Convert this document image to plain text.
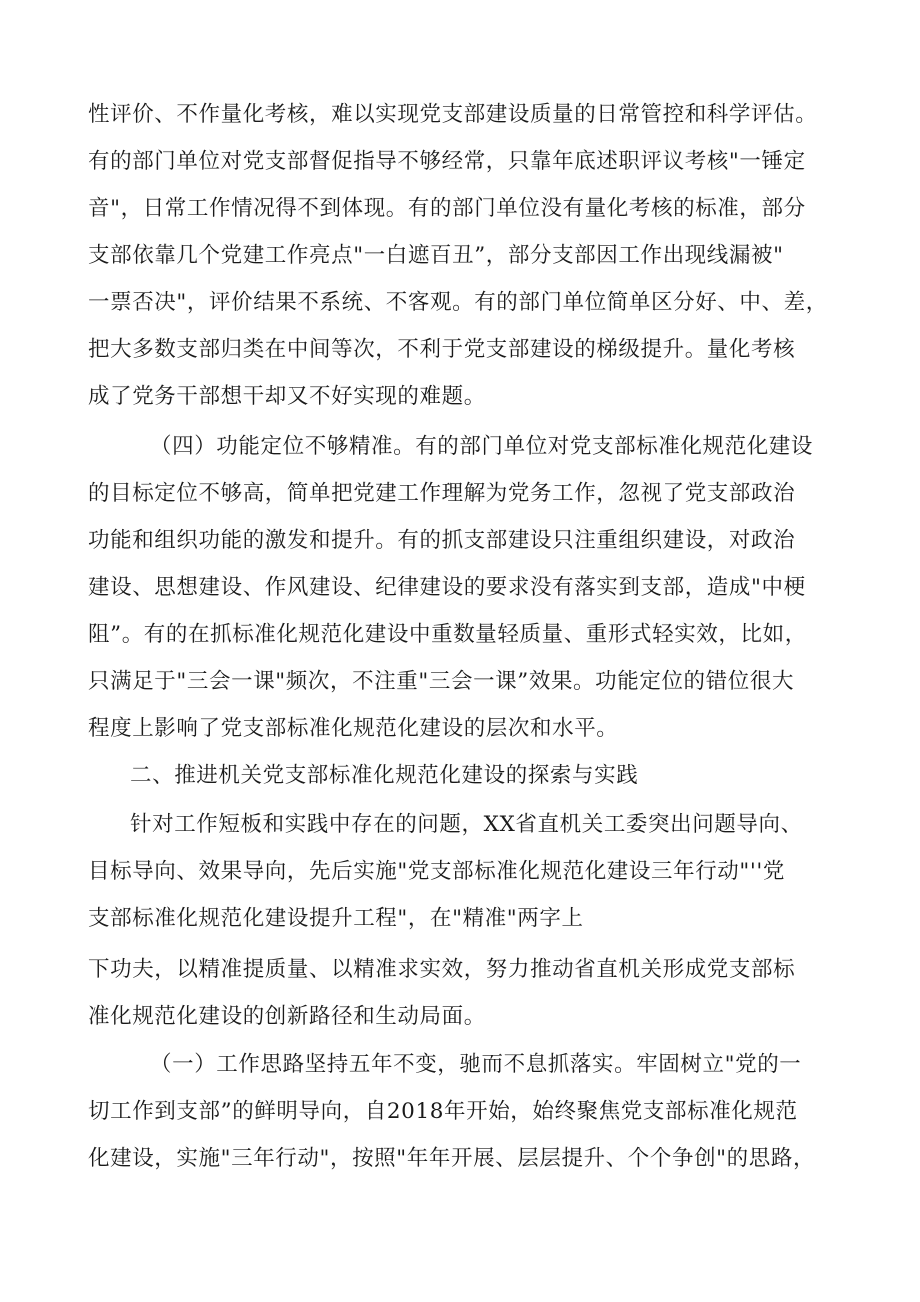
性评价、不作量化考核，难以实现党支部建设质量的日常管控和科学评估。
有的部门单位对党支部督促指导不够经常，只靠年底述职评议考核"一锤定
音"，日常工作情况得不到体现。有的部门单位没有量化考核的标准，部分
支部依靠几个党建工作亮点"一白遮百丑”，部分支部因工作出现线漏被"
一票否决"，评价结果不系统、不客观。有的部门单位简单区分好、中、差，
把大多数支部归类在中间等次，不利于党支部建设的梯级提升。量化考核
成了党务干部想干却又不好实现的难题。
（四）功能定位不够精准。有的部门单位对党支部标准化规范化建设
的目标定位不够高，简单把党建工作理解为党务工作，忽视了党支部政治
功能和组织功能的激发和提升。有的抓支部建设只注重组织建设，对政治
建设、思想建设、作风建设、纪律建设的要求没有落实到支部，造成"中梗
阻”。有的在抓标准化规范化建设中重数量轻质量、重形式轻实效，比如，
只满足于"三会一课"频次，不注重"三会一课”效果。功能定位的错位很大
程度上影响了党支部标准化规范化建设的层次和水平。
二、推进机关党支部标准化规范化建设的探索与实践
针对工作短板和实践中存在的问题，XX省直机关工委突出问题导向、
目标导向、效果导向，先后实施"党支部标准化规范化建设三年行动"''党
支部标准化规范化建设提升工程"，在"精准"两字上
下功夫，以精准提质量、以精准求实效，努力推动省直机关形成党支部标
准化规范化建设的创新路径和生动局面。
（一）工作思路坚持五年不变，驰而不息抓落实。牢固树立"党的一
切工作到支部”的鲜明导向，自2018年开始，始终聚焦党支部标准化规范
化建设，实施"三年行动"，按照"年年开展、层层提升、个个争创"的思路，
